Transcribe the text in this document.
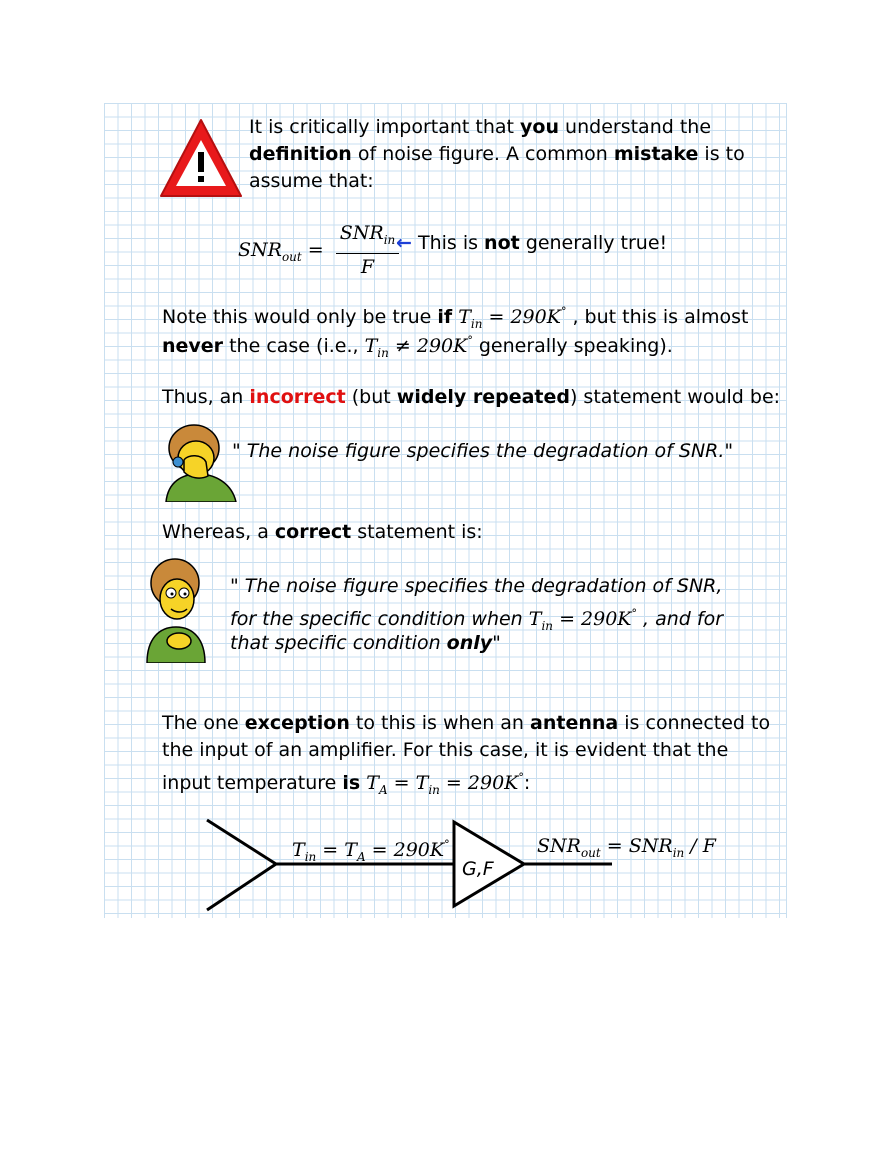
It is critically important that you understand the
definition of noise figure. A common mistake is to
assume that:
$SNR_{out} = \frac{SNR_{in}}{F}$
← This is not generally true!
Note this would only be true if $T_{in} = 290K^\circ$ , but this is almost
never the case (i.e., $T_{in} \ne 290K^\circ$ generally speaking).
Thus, an incorrect (but widely repeated) statement would be:
" The noise figure specifies the degradation of SNR."
Whereas, a correct statement is:
" The noise figure specifies the degradation of SNR,
for the specific condition when $T_{in} = 290K^\circ$ , and for
that specific condition only"
The one exception to this is when an antenna is connected to
the input of an amplifier. For this case, it is evident that the
input temperature is $T_A = T_{in} = 290K^\circ$:
$T_{in} = T_A = 290K^\circ$
G,F
$SNR_{out} = SNR_{in} / F$
